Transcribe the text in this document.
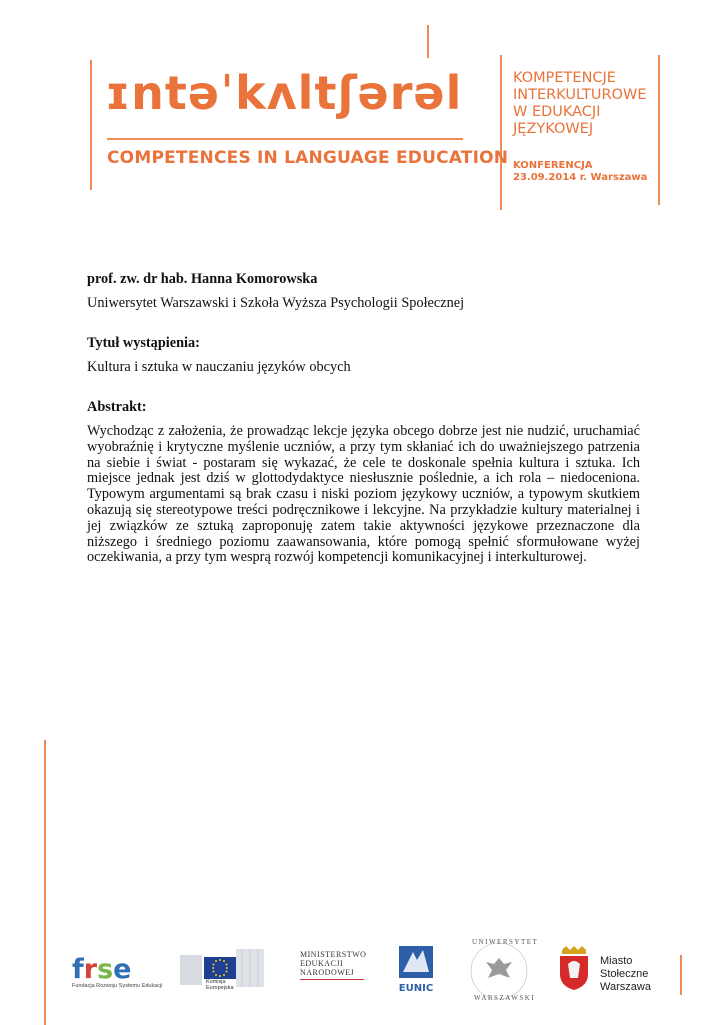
ɪntəˈkʌltʃərəl
COMPETENCES IN LANGUAGE EDUCATION
KOMPETENCJE
INTERKULTUROWE
W EDUKACJI
JĘZYKOWEJ
KONFERENCJA
23.09.2014 r. Warszawa
prof. zw. dr hab. Hanna Komorowska
Uniwersytet Warszawski i Szkoła Wyższa Psychologii Społecznej
Tytuł wystąpienia:
Kultura i sztuka w nauczaniu języków obcych
Abstrakt:
Wychodząc z założenia, że prowadząc lekcje języka obcego dobrze jest nie nudzić, uruchamiać wyobraźnię i krytyczne myślenie uczniów, a przy tym skłaniać ich do uważniejszego patrzenia na siebie i świat - postaram się wykazać, że cele te doskonale spełnia kultura i sztuka. Ich miejsce jednak jest dziś w glottodydaktyce niesłusznie poślednie, a ich rola – niedoceniona. Typowym argumentami są brak czasu i niski poziom językowy uczniów, a typowym skutkiem okazują się stereotypowe treści podręcznikowe i lekcyjne. Na przykładzie kultury materialnej i jej związków ze sztuką zaproponuję zatem takie aktywności językowe przeznaczone dla niższego i średniego poziomu zaawansowania, które pomogą spełnić sformułowane wyżej oczekiwania, a przy tym wesprą rozwój kompetencji komunikacyjnej i interkulturowej.
frse
Fundacja Rozwoju Systemu Edukacji
Komisja
Europejska
MINISTERSTWO
EDUKACJI
NARODOWEJ
EUNIC
UNIWERSYTET
WARSZAWSKI
Miasto
Stołeczne
Warszawa
